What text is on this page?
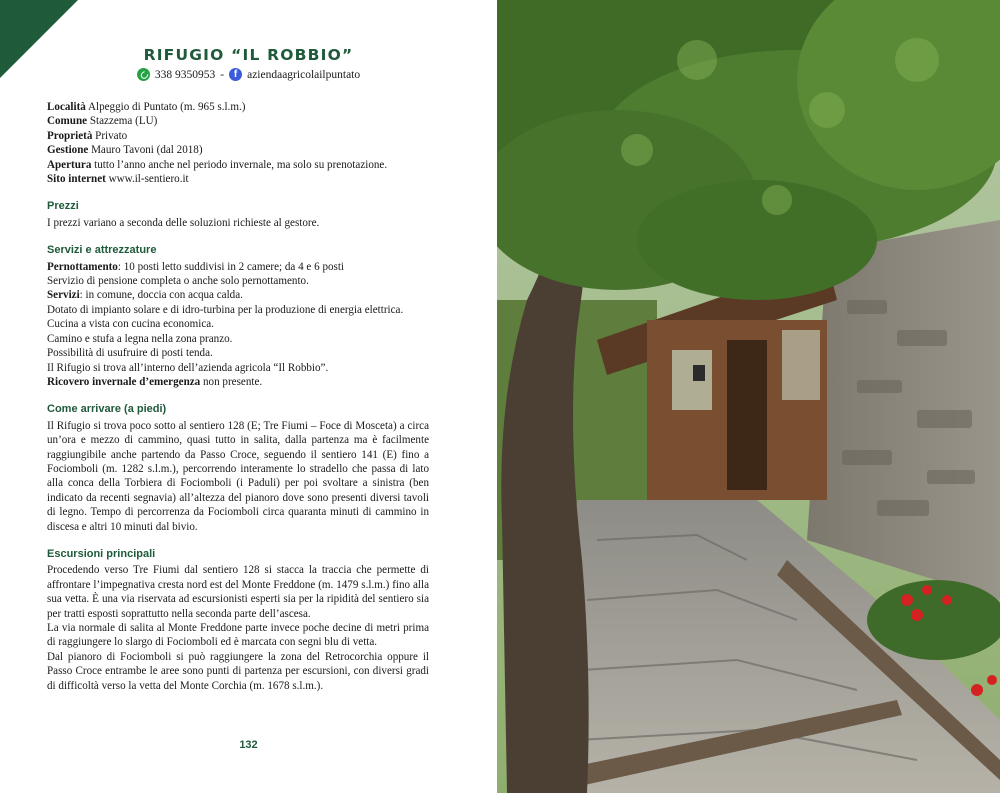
RIFUGIO “IL ROBBIO”
338 9350953 - f aziendaagricolailpuntato

Località Alpeggio di Puntato (m. 965 s.l.m.)

Comune Stazzema (LU)

Proprietà Privato

Gestione Mauro Tavoni (dal 2018)

Apertura tutto l’anno anche nel periodo invernale, ma solo su prenotazione.

Sito internet www.il-sentiero.it

Prezzi

I prezzi variano a seconda delle soluzioni richieste al gestore.

Servizi e attrezzature

Pernottamento: 10 posti letto suddivisi in 2 camere; da 4 e 6 posti

Servizio di pensione completa o anche solo pernottamento.

Servizi: in comune, doccia con acqua calda.

Dotato di impianto solare e di idro-turbina per la produzione di energia elettrica.

Cucina a vista con cucina economica.

Camino e stufa a legna nella zona pranzo.

Possibilità di usufruire di posti tenda.

Il Rifugio si trova all’interno dell’azienda agricola “Il Robbio”.

Ricovero invernale d’emergenza non presente.

Come arrivare (a piedi)

Il Rifugio si trova poco sotto al sentiero 128 (E; Tre Fiumi – Foce di Mosceta) a circa un’ora e mezzo di cammino, quasi tutto in salita, dalla partenza ma è facilmente raggiungibile anche partendo da Passo Croce, seguendo il sentiero 141 (E) fino a Fociomboli (m. 1282 s.l.m.), percorrendo interamente lo stradello che passa di lato alla conca della Torbiera di Fociomboli (i Paduli) per poi svoltare a sinistra (ben indicato da recenti segnavia) all’altezza del pianoro dove sono presenti diversi tavoli di legno. Tempo di percorrenza da Fociomboli circa quaranta minuti di cammino in discesa e altri 10 minuti dal bivio.

Escursioni principali

Procedendo verso Tre Fiumi dal sentiero 128 si stacca la traccia che permette di affrontare l’impegnativa cresta nord est del Monte Freddone (m. 1479 s.l.m.) fino alla sua vetta. È una via riservata ad escursionisti esperti sia per la ripidità del sentiero sia per tratti esposti soprattutto nella seconda parte dell’ascesa.

La via normale di salita al Monte Freddone parte invece poche decine di metri prima di raggiungere lo slargo di Fociomboli ed è marcata con segni blu di vetta.

Dal pianoro di Fociomboli si può raggiungere la zona del Retrocorchia oppure il Passo Croce entrambe le aree sono punti di partenza per escursioni, con diversi gradi di difficoltà verso la vetta del Monte Corchia (m. 1678 s.l.m.).

132
